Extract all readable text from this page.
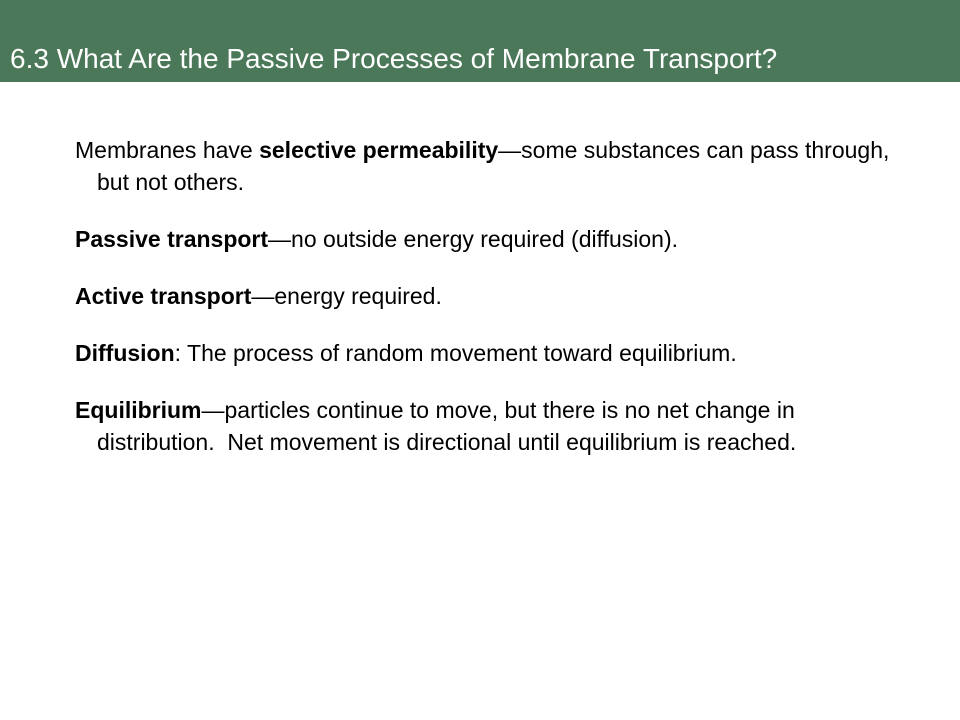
6.3 What Are the Passive Processes of Membrane Transport?

Membranes have selective permeability—some substances can pass through, but not others.

Passive transport—no outside energy required (diffusion).

Active transport—energy required.

Diffusion: The process of random movement toward equilibrium.

Equilibrium—particles continue to move, but there is no net change in distribution.  Net movement is directional until equilibrium is reached.
